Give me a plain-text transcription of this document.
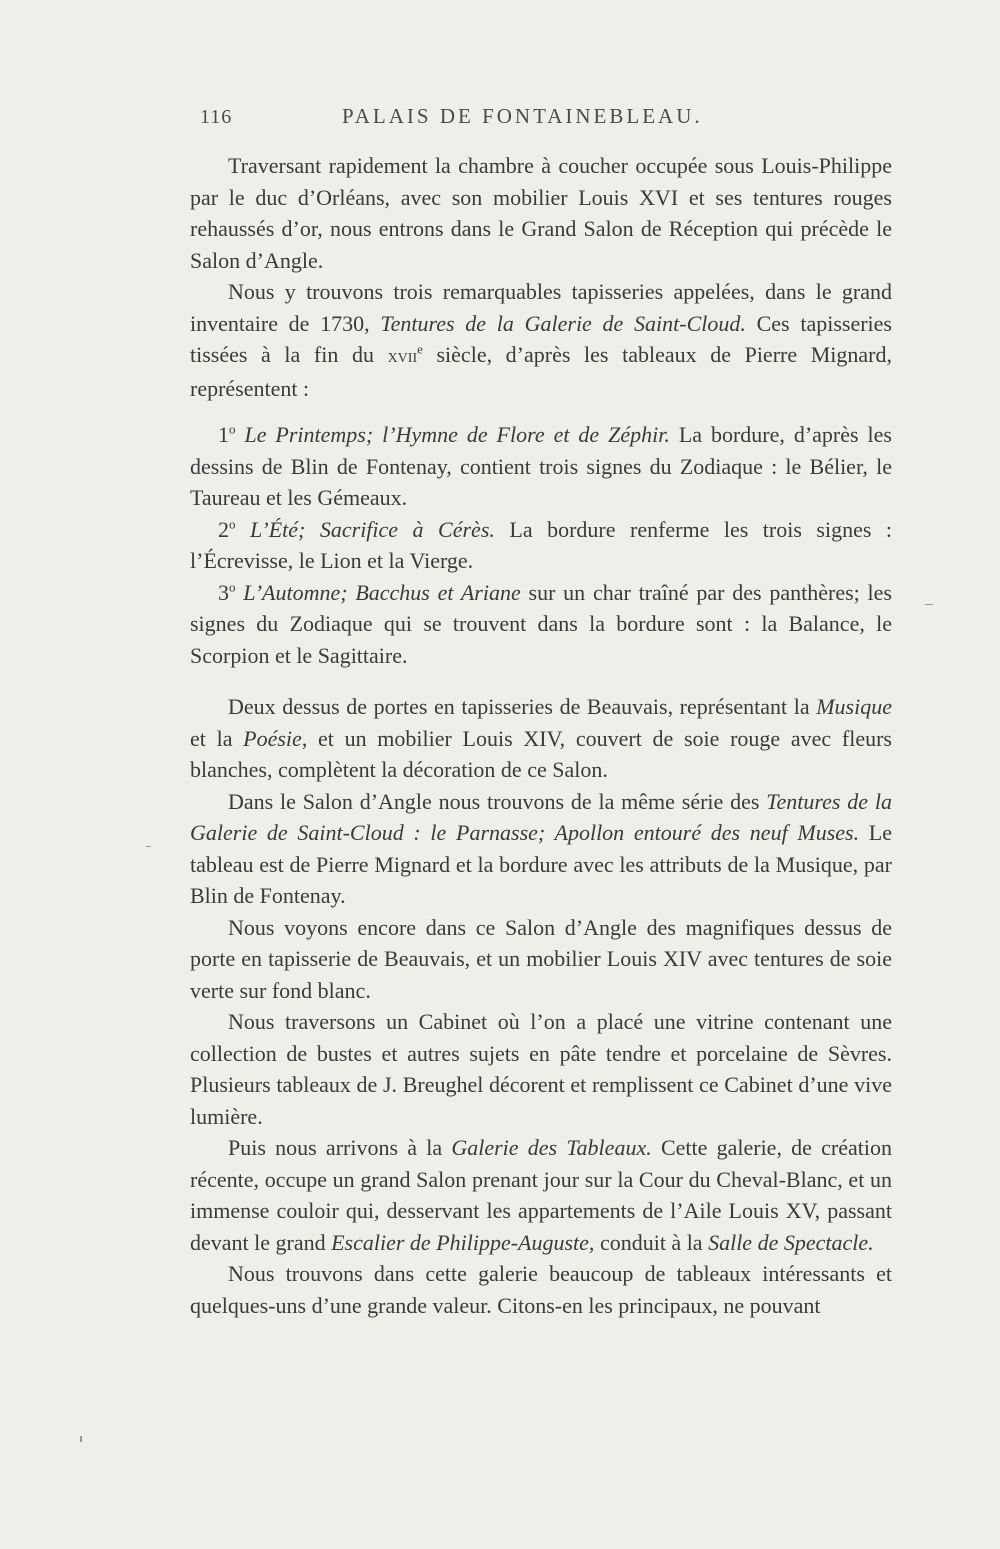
116	PALAIS DE FONTAINEBLEAU.

Traversant rapidement la chambre à coucher occupée sous Louis-Philippe par le duc d’Orléans, avec son mobilier Louis XVI et ses tentures rouges rehaussés d’or, nous entrons dans le Grand Salon de Réception qui précède le Salon d’Angle.

Nous y trouvons trois remarquables tapisseries appelées, dans le grand inventaire de 1730, Tentures de la Galerie de Saint-Cloud. Ces tapisseries tissées à la fin du xvii$^e$ siècle, d’après les tableaux de Pierre Mignard, représentent :

1$^o$ Le Printemps; l’Hymne de Flore et de Zéphir. La bordure, d’après les dessins de Blin de Fontenay, contient trois signes du Zodiaque : le Bélier, le Taureau et les Gémeaux.

2$^o$ L’Été; Sacrifice à Cérès. La bordure renferme les trois signes : l’Écrevisse, le Lion et la Vierge.

3$^o$ L’Automne; Bacchus et Ariane sur un char traîné par des panthères; les signes du Zodiaque qui se trouvent dans la bordure sont : la Balance, le Scorpion et le Sagittaire.

Deux dessus de portes en tapisseries de Beauvais, représentant la Musique et la Poésie, et un mobilier Louis XIV, couvert de soie rouge avec fleurs blanches, complètent la décoration de ce Salon.

Dans le Salon d’Angle nous trouvons de la même série des Tentures de la Galerie de Saint-Cloud : le Parnasse; Apollon entouré des neuf Muses. Le tableau est de Pierre Mignard et la bordure avec les attributs de la Musique, par Blin de Fontenay.

Nous voyons encore dans ce Salon d’Angle des magnifiques dessus de porte en tapisserie de Beauvais, et un mobilier Louis XIV avec tentures de soie verte sur fond blanc.

Nous traversons un Cabinet où l’on a placé une vitrine contenant une collection de bustes et autres sujets en pâte tendre et porcelaine de Sèvres. Plusieurs tableaux de J. Breughel décorent et remplissent ce Cabinet d’une vive lumière.

Puis nous arrivons à la Galerie des Tableaux. Cette galerie, de création récente, occupe un grand Salon prenant jour sur la Cour du Cheval-Blanc, et un immense couloir qui, desservant les appartements de l’Aile Louis XV, passant devant le grand Escalier de Philippe-Auguste, conduit à la Salle de Spectacle.

Nous trouvons dans cette galerie beaucoup de tableaux intéressants et quelques-uns d’une grande valeur. Citons-en les principaux, ne pouvant
